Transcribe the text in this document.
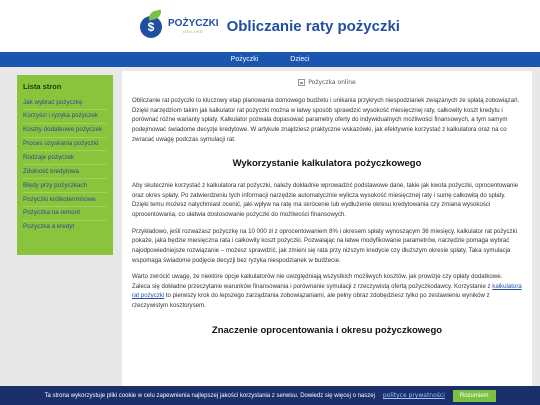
$	POŻYCZKI
ONLINE	Obliczanie raty pożyczki
Pożyczki	Dzieci
Lista stron
Jak wybrać pożyczkę
Korzyści i ryzyka pożyczek
Koszty dodatkowe pożyczek
Proces uzyskania pożyczki
Rodzaje pożyczek
Zdolność kredytowa
Błędy przy pożyczkach
Pożyczki krótkoterminowe
Pożyczka na remont
Pożyczka a kredyt
Pożyczka online

Obliczanie rat pożyczki to kluczowy etap planowania domowego budżetu i unikania przykrych niespodzianek związanych ze spłatą zobowiązań. Dzięki narzędziom takim jak kalkulator rat pożyczki można w łatwy sposób sprawdzić wysokość miesięcznej raty, całkowity koszt kredytu i porównać różne warianty spłaty. Kalkulator pozwala dopasować parametry oferty do indywidualnych możliwości finansowych, a tym samym podejmować świadome decyzje kredytowe. W artykule znajdziesz praktyczne wskazówki, jak efektywnie korzystać z kalkulatora oraz na co zwracać uwagę podczas symulacji rat.

Wykorzystanie kalkulatora pożyczkowego

Aby skutecznie korzystać z kalkulatora rat pożyczki, należy dokładnie wprowadzić podstawowe dane, takie jak kwota pożyczki, oprocentowanie oraz okres spłaty. Po zatwierdzeniu tych informacji narzędzie automatycznie wylicza wysokość miesięcznej raty i sumę całkowitą do spłaty. Dzięki temu możesz natychmiast ocenić, jaki wpływ na ratę ma skrócenie lub wydłużenie okresu kredytowania czy zmiana wysokości oprocentowania, co ułatwia dostosowanie pożyczki do możliwości finansowych.

Przykładowo, jeśli rozważasz pożyczkę na 10 000 zł z oprocentowaniem 8% i okresem spłaty wynoszącym 36 miesięcy, kalkulator rat pożyczki pokaże, jaka będzie miesięczna rata i całkowity koszt pożyczki. Pozwalając na łatwe modyfikowanie parametrów, narzędzie pomaga wybrać najodpowiedniejsze rozwiązanie – możesz sprawdzić, jak zmieni się rata przy niższym kredycie czy dłuższym okresie spłaty. Taka symulacja wspomaga świadome podjęcie decyzji bez ryzyka niespodzianek w budżecie.

Warto zwrócić uwagę, że niektóre opcje kalkulatorów nie uwzględniają wszystkich możliwych kosztów, jak prowizje czy opłaty dodatkowe. Zaleca się dokładne przeczytanie warunków finansowania i porównanie symulacji z rzeczywistą ofertą pożyczkodawcy. Korzystanie z kalkulatora rat pożyczki to pierwszy krok do lepszego zarządzania zobowiązaniami, ale pełny obraz zdobędziesz tylko po zestawieniu wyników z rzeczywistym kosztorysem.

Znaczenie oprocentowania i okresu pożyczkowego
Ta strona wykorzystuje pliki cookie w celu zapewnienia najlepszej jakości korzystania z serwisu. Dowiedz się więcej o naszej polityce prywatności	Rozumiem
